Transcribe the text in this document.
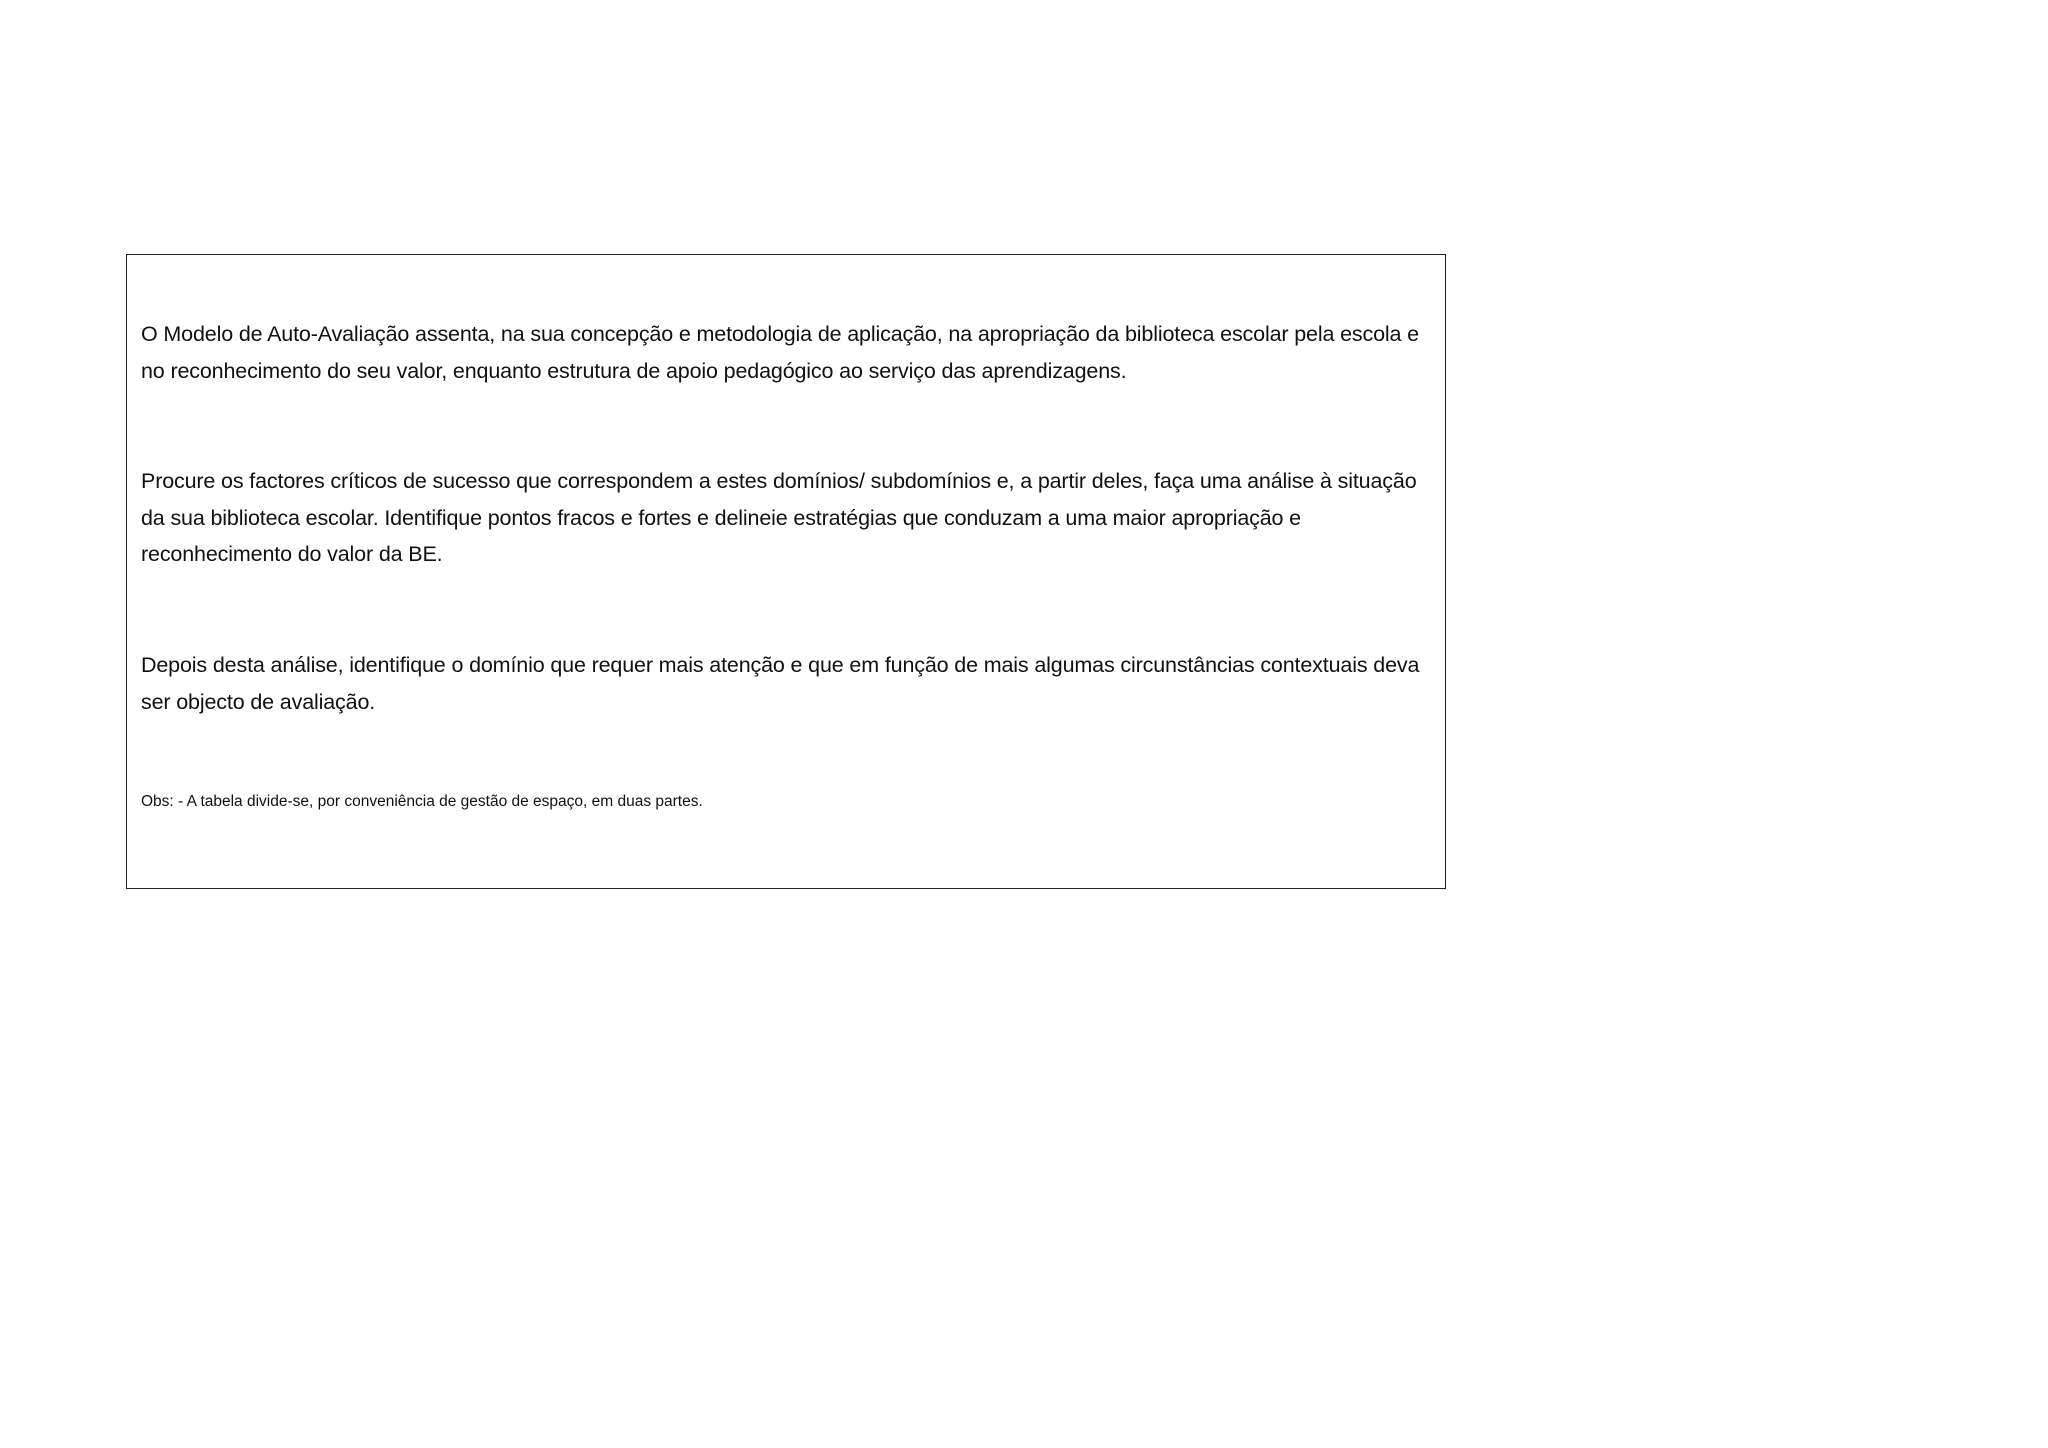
O Modelo de Auto-Avaliação assenta, na sua concepção e metodologia de aplicação, na apropriação da biblioteca escolar pela escola e no reconhecimento do seu valor, enquanto estrutura de apoio pedagógico ao serviço das aprendizagens.

Procure os factores críticos de sucesso que correspondem a estes domínios/ subdomínios e, a partir deles, faça uma análise à situação da sua biblioteca escolar. Identifique pontos fracos e fortes e delineie estratégias que conduzam a uma maior apropriação e reconhecimento do valor da BE.

Depois desta análise, identifique o domínio que requer mais atenção e que em função de mais algumas circunstâncias contextuais deva ser objecto de avaliação.

Obs: - A tabela divide-se, por conveniência de gestão de espaço, em duas partes.
